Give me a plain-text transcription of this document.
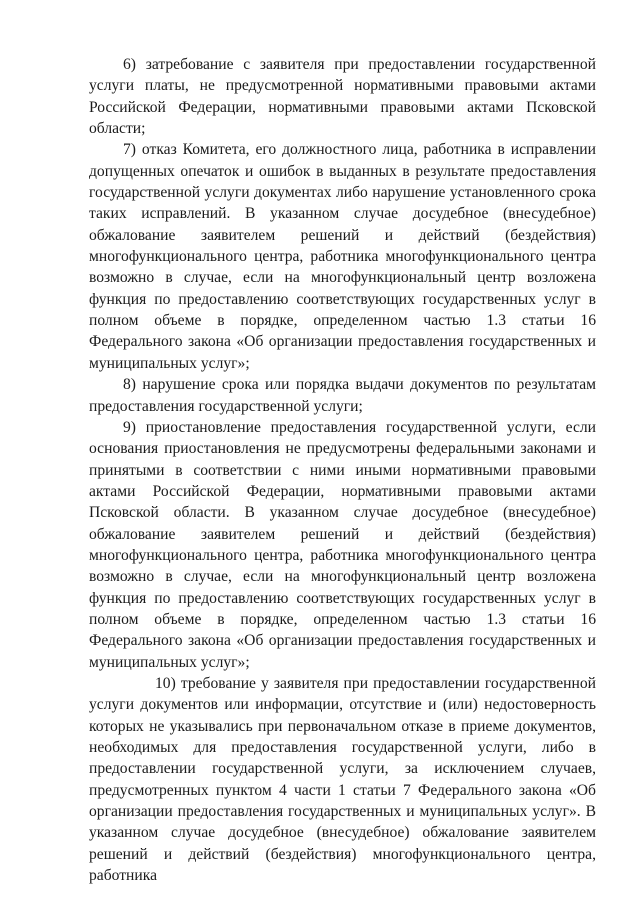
6) затребование с заявителя при предоставлении государственной услуги платы, не предусмотренной нормативными правовыми актами Российской Федерации, нормативными правовыми актами Псковской области;

7) отказ Комитета, его должностного лица, работника в исправлении допущенных опечаток и ошибок в выданных в результате предоставления государственной услуги документах либо нарушение установленного срока таких исправлений. В указанном случае досудебное (внесудебное) обжалование заявителем решений и действий (бездействия) многофункционального центра, работника многофункционального центра возможно в случае, если на многофункциональный центр возложена функция по предоставлению соответствующих государственных услуг в полном объеме в порядке, определенном частью 1.3 статьи 16 Федерального закона «Об организации предоставления государственных и муниципальных услуг»;

8) нарушение срока или порядка выдачи документов по результатам предоставления государственной услуги;

9) приостановление предоставления государственной услуги, если основания приостановления не предусмотрены федеральными законами и принятыми в соответствии с ними иными нормативными правовыми актами Российской Федерации, нормативными правовыми актами Псковской области. В указанном случае досудебное (внесудебное) обжалование заявителем решений и действий (бездействия) многофункционального центра, работника многофункционального центра возможно в случае, если на многофункциональный центр возложена функция по предоставлению соответствующих государственных услуг в полном объеме в порядке, определенном частью 1.3 статьи 16 Федерального закона «Об организации предоставления государственных и муниципальных услуг»;

10) требование у заявителя при предоставлении государственной услуги документов или информации, отсутствие и (или) недостоверность которых не указывались при первоначальном отказе в приеме документов, необходимых для предоставления государственной услуги, либо в предоставлении государственной услуги, за исключением случаев, предусмотренных пунктом 4 части 1 статьи 7 Федерального закона «Об организации предоставления государственных и муниципальных услуг». В указанном случае досудебное (внесудебное) обжалование заявителем решений и действий (бездействия) многофункционального центра, работника
